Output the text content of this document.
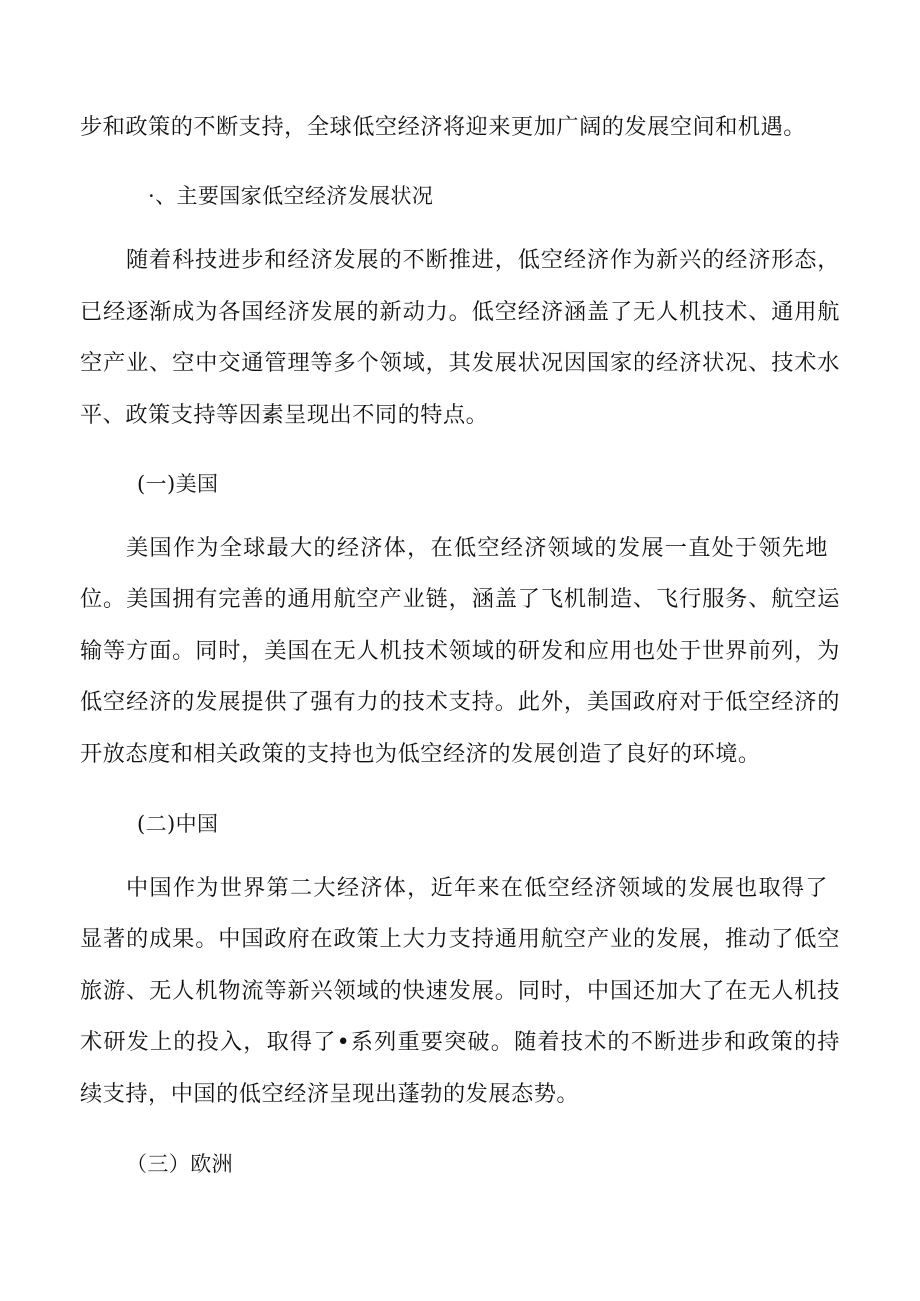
步和政策的不断支持，全球低空经济将迎来更加广阔的发展空间和机遇。
·、主要国家低空经济发展状况
随着科技进步和经济发展的不断推进，低空经济作为新兴的经济形态，
已经逐渐成为各国经济发展的新动力。低空经济涵盖了无人机技术、通用航
空产业、空中交通管理等多个领域，其发展状况因国家的经济状况、技术水
平、政策支持等因素呈现出不同的特点。
(一)美国
美国作为全球最大的经济体，在低空经济领域的发展一直处于领先地
位。美国拥有完善的通用航空产业链，涵盖了飞机制造、飞行服务、航空运
输等方面。同时，美国在无人机技术领域的研发和应用也处于世界前列，为
低空经济的发展提供了强有力的技术支持。此外，美国政府对于低空经济的
开放态度和相关政策的支持也为低空经济的发展创造了良好的环境。
(二)中国
中国作为世界第二大经济体，近年来在低空经济领域的发展也取得了
显著的成果。中国政府在政策上大力支持通用航空产业的发展，推动了低空
旅游、无人机物流等新兴领域的快速发展。同时，中国还加大了在无人机技
术研发上的投入，取得了•系列重要突破。随着技术的不断进步和政策的持
续支持，中国的低空经济呈现出蓬勃的发展态势。
（三）欧洲
